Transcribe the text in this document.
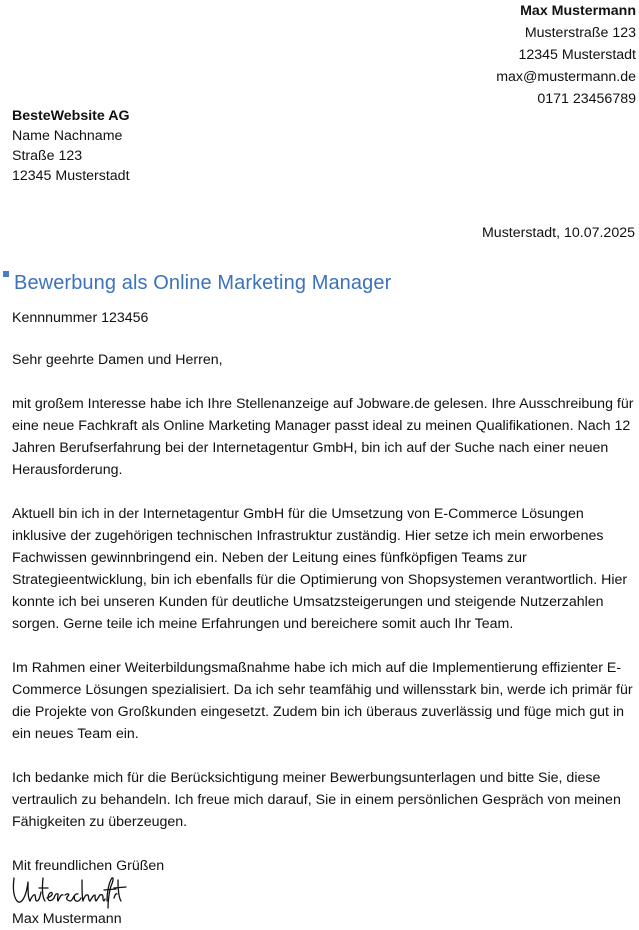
Max Mustermann
Musterstraße 123
12345 Musterstadt
max@mustermann.de
0171 23456789
BesteWebsite AG
Name Nachname
Straße 123
12345 Musterstadt
Musterstadt, 10.07.2025
Bewerbung als Online Marketing Manager

Kennnummer 123456

Sehr geehrte Damen und Herren,

mit großem Interesse habe ich Ihre Stellenanzeige auf Jobware.de gelesen. Ihre Ausschreibung für eine neue Fachkraft als Online Marketing Manager passt ideal zu meinen Qualifikationen. Nach 12 Jahren Berufserfahrung bei der Internetagentur GmbH, bin ich auf der Suche nach einer neuen Herausforderung.

Aktuell bin ich in der Internetagentur GmbH für die Umsetzung von E-Commerce Lösungen inklusive der zugehörigen technischen Infrastruktur zuständig. Hier setze ich mein erworbenes Fachwissen gewinnbringend ein. Neben der Leitung eines fünfköpfigen Teams zur Strategieentwicklung, bin ich ebenfalls für die Optimierung von Shopsystemen verantwortlich. Hier konnte ich bei unseren Kunden für deutliche Umsatzsteigerungen und steigende Nutzerzahlen sorgen. Gerne teile ich meine Erfahrungen und bereichere somit auch Ihr Team.

Im Rahmen einer Weiterbildungsmaßnahme habe ich mich auf die Implementierung effizienter E-Commerce Lösungen spezialisiert. Da ich sehr teamfähig und willensstark bin, werde ich primär für die Projekte von Großkunden eingesetzt. Zudem bin ich überaus zuverlässig und füge mich gut in ein neues Team ein.

Ich bedanke mich für die Berücksichtigung meiner Bewerbungsunterlagen und bitte Sie, diese vertraulich zu behandeln. Ich freue mich darauf, Sie in einem persönlichen Gespräch von meinen Fähigkeiten zu überzeugen.

Mit freundlichen Grüßen

Max Mustermann
